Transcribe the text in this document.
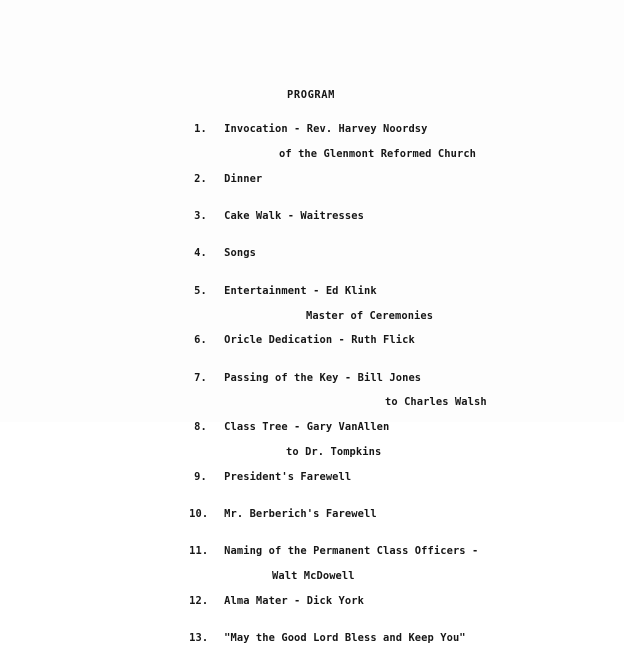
PROGRAM

1. Invocation - Rev. Harvey Noordsy

of the Glenmont Reformed Church

2. Dinner

3. Cake Walk - Waitresses

4. Songs

5. Entertainment - Ed Klink

Master of Ceremonies

6. Oricle Dedication - Ruth Flick

7. Passing of the Key - Bill Jones

to Charles Walsh

8. Class Tree - Gary VanAllen

to Dr. Tompkins

9. President's Farewell

10. Mr. Berberich's Farewell

11. Naming of the Permanent Class Officers -

Walt McDowell

12. Alma Mater - Dick York

13. "May the Good Lord Bless and Keep You"
